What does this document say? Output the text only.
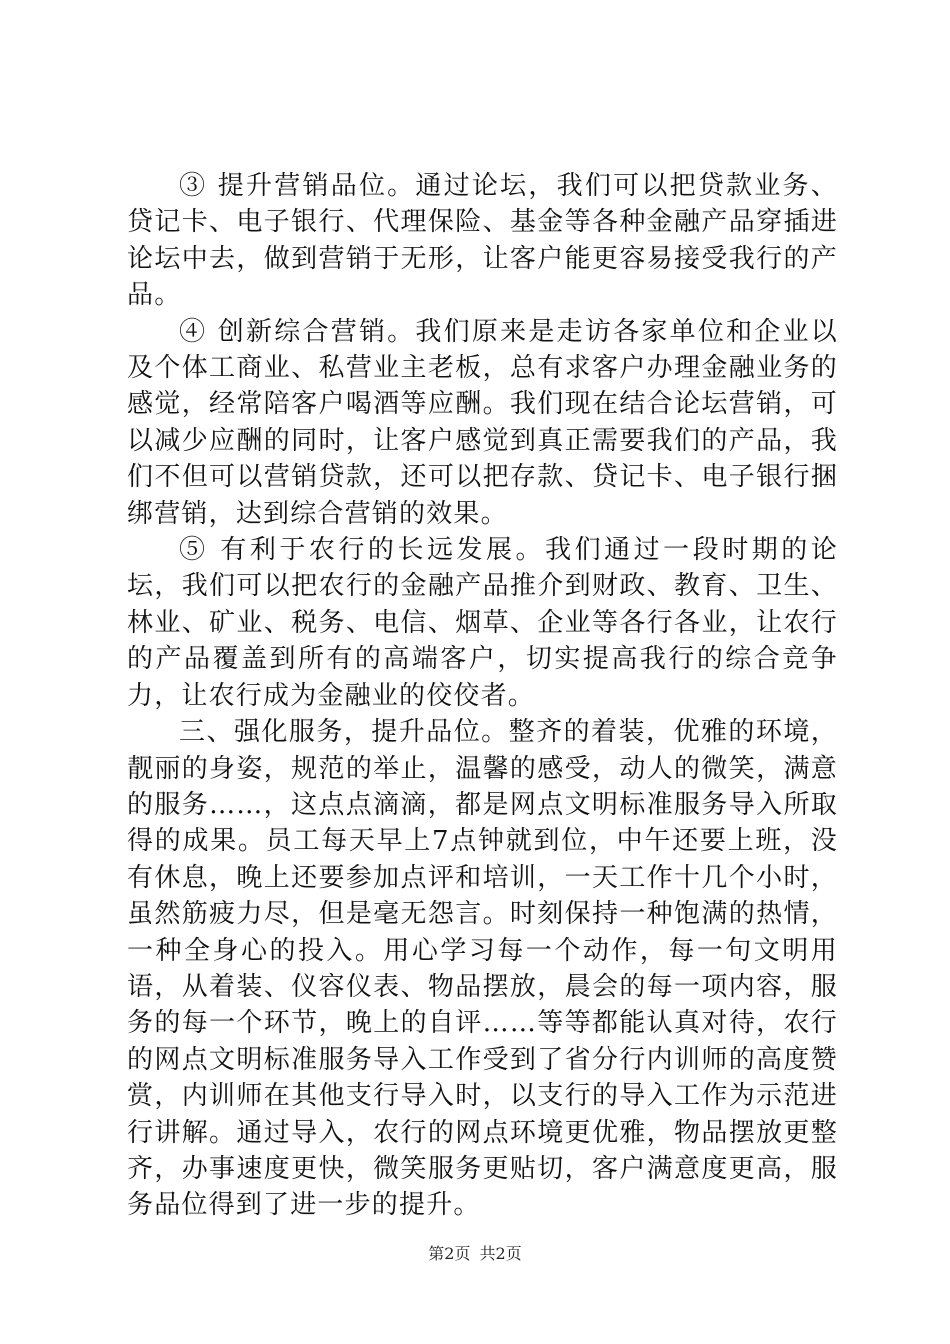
③ 提升营销品位。通过论坛，我们可以把贷款业务、贷记卡、电子银行、代理保险、基金等各种金融产品穿插进论坛中去，做到营销于无形，让客户能更容易接受我行的产品。

④ 创新综合营销。我们原来是走访各家单位和企业以及个体工商业、私营业主老板，总有求客户办理金融业务的感觉，经常陪客户喝酒等应酬。我们现在结合论坛营销，可以减少应酬的同时，让客户感觉到真正需要我们的产品，我们不但可以营销贷款，还可以把存款、贷记卡、电子银行捆绑营销，达到综合营销的效果。

⑤ 有利于农行的长远发展。我们通过一段时期的论坛，我们可以把农行的金融产品推介到财政、教育、卫生、林业、矿业、税务、电信、烟草、企业等各行各业，让农行的产品覆盖到所有的高端客户，切实提高我行的综合竞争力，让农行成为金融业的佼佼者。

三、强化服务，提升品位。整齐的着装，优雅的环境，靓丽的身姿，规范的举止，温馨的感受，动人的微笑，满意的服务……，这点点滴滴，都是网点文明标准服务导入所取得的成果。员工每天早上7点钟就到位，中午还要上班，没有休息，晚上还要参加点评和培训，一天工作十几个小时，虽然筋疲力尽，但是毫无怨言。时刻保持一种饱满的热情，一种全身心的投入。用心学习每一个动作，每一句文明用语，从着装、仪容仪表、物品摆放，晨会的每一项内容，服务的每一个环节，晚上的自评……等等都能认真对待，农行的网点文明标准服务导入工作受到了省分行内训师的高度赞赏，内训师在其他支行导入时，以支行的导入工作为示范进行讲解。通过导入，农行的网点环境更优雅，物品摆放更整齐，办事速度更快，微笑服务更贴切，客户满意度更高，服务品位得到了进一步的提升。

第2页 共2页
